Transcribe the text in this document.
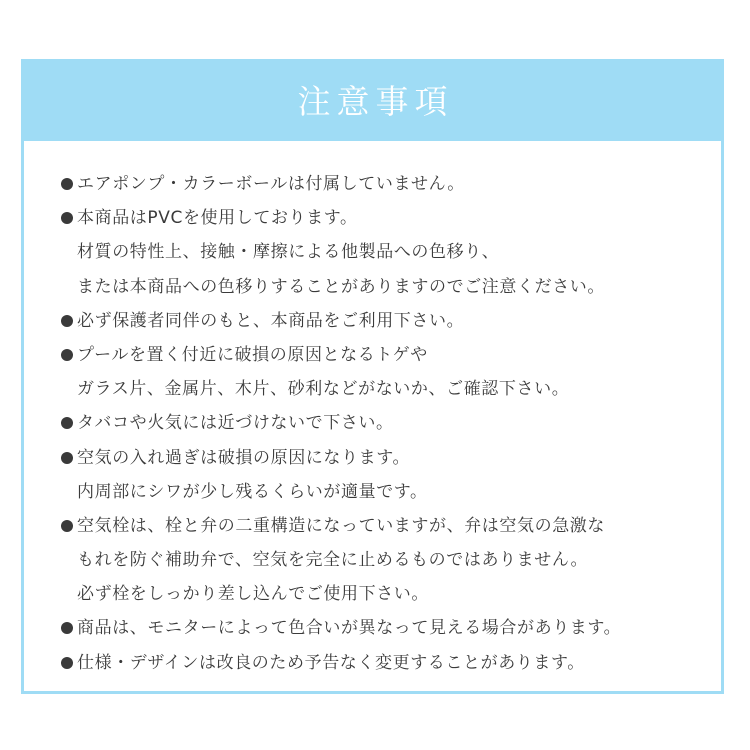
注意事項
エアポンプ・カラーボールは付属していません。
本商品はPVCを使用しております。
材質の特性上、接触・摩擦による他製品への色移り、
または本商品への色移りすることがありますのでご注意ください。
必ず保護者同伴のもと、本商品をご利用下さい。
プールを置く付近に破損の原因となるトゲや
ガラス片、金属片、木片、砂利などがないか、ご確認下さい。
タバコや火気には近づけないで下さい。
空気の入れ過ぎは破損の原因になります。
内周部にシワが少し残るくらいが適量です。
空気栓は、栓と弁の二重構造になっていますが、弁は空気の急激な
もれを防ぐ補助弁で、空気を完全に止めるものではありません。
必ず栓をしっかり差し込んでご使用下さい。
商品は、モニターによって色合いが異なって見える場合があります。
仕様・デザインは改良のため予告なく変更することがあります。
